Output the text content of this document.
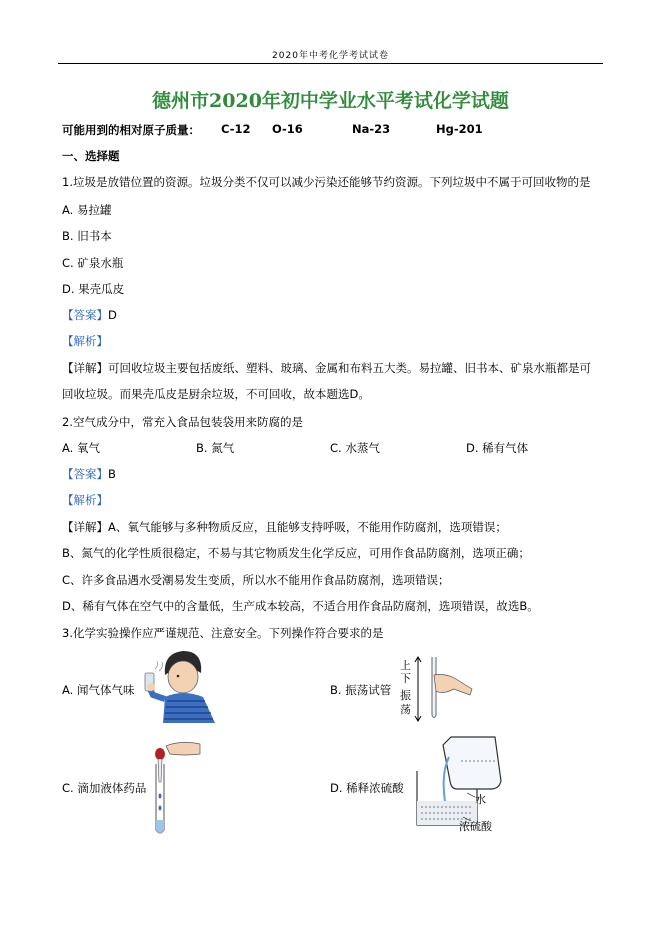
2020年中考化学考试试卷
德州市2020年初中学业水平考试化学试题
可能用到的相对原子质量： C-12 O-16	Na-23	Hg-201
一、选择题
1.垃圾是放错位置的资源。垃圾分类不仅可以减少污染还能够节约资源。下列垃圾中不属于可回收物的是
A. 易拉罐
B. 旧书本
C. 矿泉水瓶
D. 果壳瓜皮
【答案】D
【解析】
【详解】可回收垃圾主要包括废纸、塑料、玻璃、金属和布料五大类。易拉罐、旧书本、矿泉水瓶都是可
回收垃圾。而果壳瓜皮是厨余垃圾，不可回收，故本题选D。
2.空气成分中，常充入食品包装袋用来防腐的是
A. 氧气	B. 氮气	C. 水蒸气	D. 稀有气体
【答案】B
【解析】
【详解】A、氧气能够与多种物质反应，且能够支持呼吸，不能用作防腐剂，选项错误；
B、氮气的化学性质很稳定，不易与其它物质发生化学反应，可用作食品防腐剂，选项正确；
C、许多食品遇水受潮易发生变质，所以水不能用作食品防腐剂，选项错误；
D、稀有气体在空气中的含量低，生产成本较高，不适合用作食品防腐剂，选项错误，故选B。
3.化学实验操作应严谨规范、注意安全。下列操作符合要求的是
A. 闻气体气味	B. 振荡试管
C. 滴加液体药品	D. 稀释浓硫酸
上
下
振
荡
水
浓硫酸
